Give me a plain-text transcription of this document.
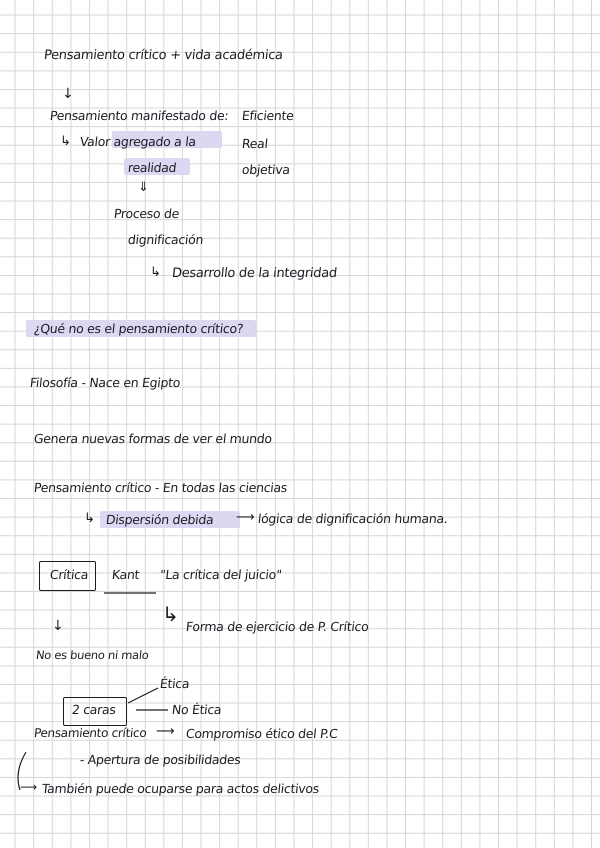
Pensamiento crítico + vida académica
↓
Pensamiento manifestado de: Eficiente
↳ Valor agregado a la	Real
realidad	objetiva
⇓
Proceso de
dignificación
↳ Desarrollo de la integridad
¿Qué no es el pensamiento crítico?
Filosofía - Nace en Egipto
Genera nuevas formas de ver el mundo
Pensamiento crítico - En todas las ciencias
↳ Dispersión debida ⟶ lógica de dignificación humana.
Crítica Kant "La crítica del juicio"
↳
Forma de ejercicio de P. Crítico
↓
No es bueno ni malo
Ética
2 caras	No Ética
Pensamiento crítico ⟶ Compromiso ético del P.C
- Apertura de posibilidades
⟶ También puede ocuparse para actos delictivos
